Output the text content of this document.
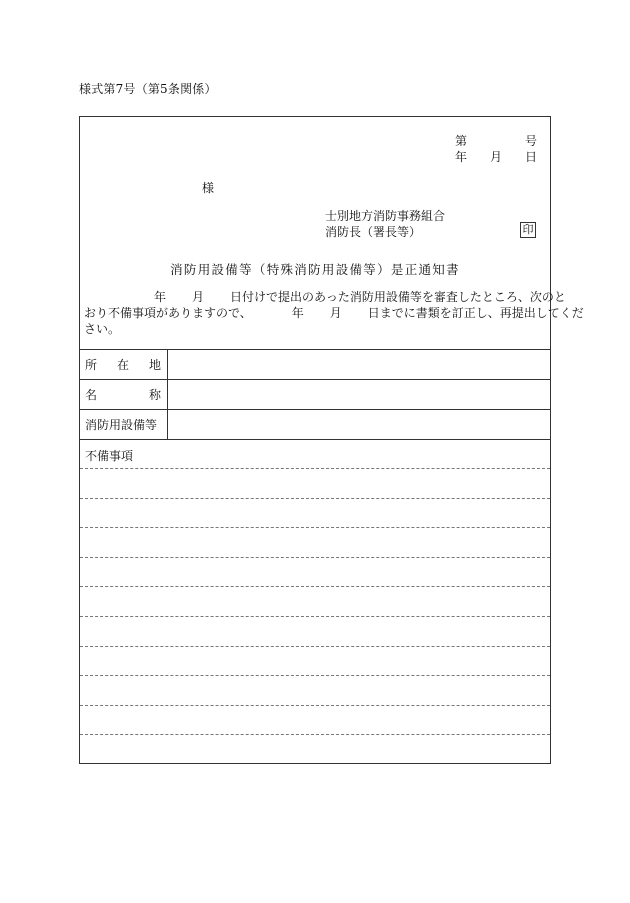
様式第7号（第5条関係）
第	号
年 月 日
様
士別地方消防事務組合
消防長（署長等）	印
消防用設備等（特殊消防用設備等）是正通知書
年 月 日付けで提出のあった消防用設備等を審査したところ、次のと
おり不備事項がありますので、	年 月 日までに書類を訂正し、再提出してくだ
さい。
所 在 地
名	称
消防用設備等
不備事項
